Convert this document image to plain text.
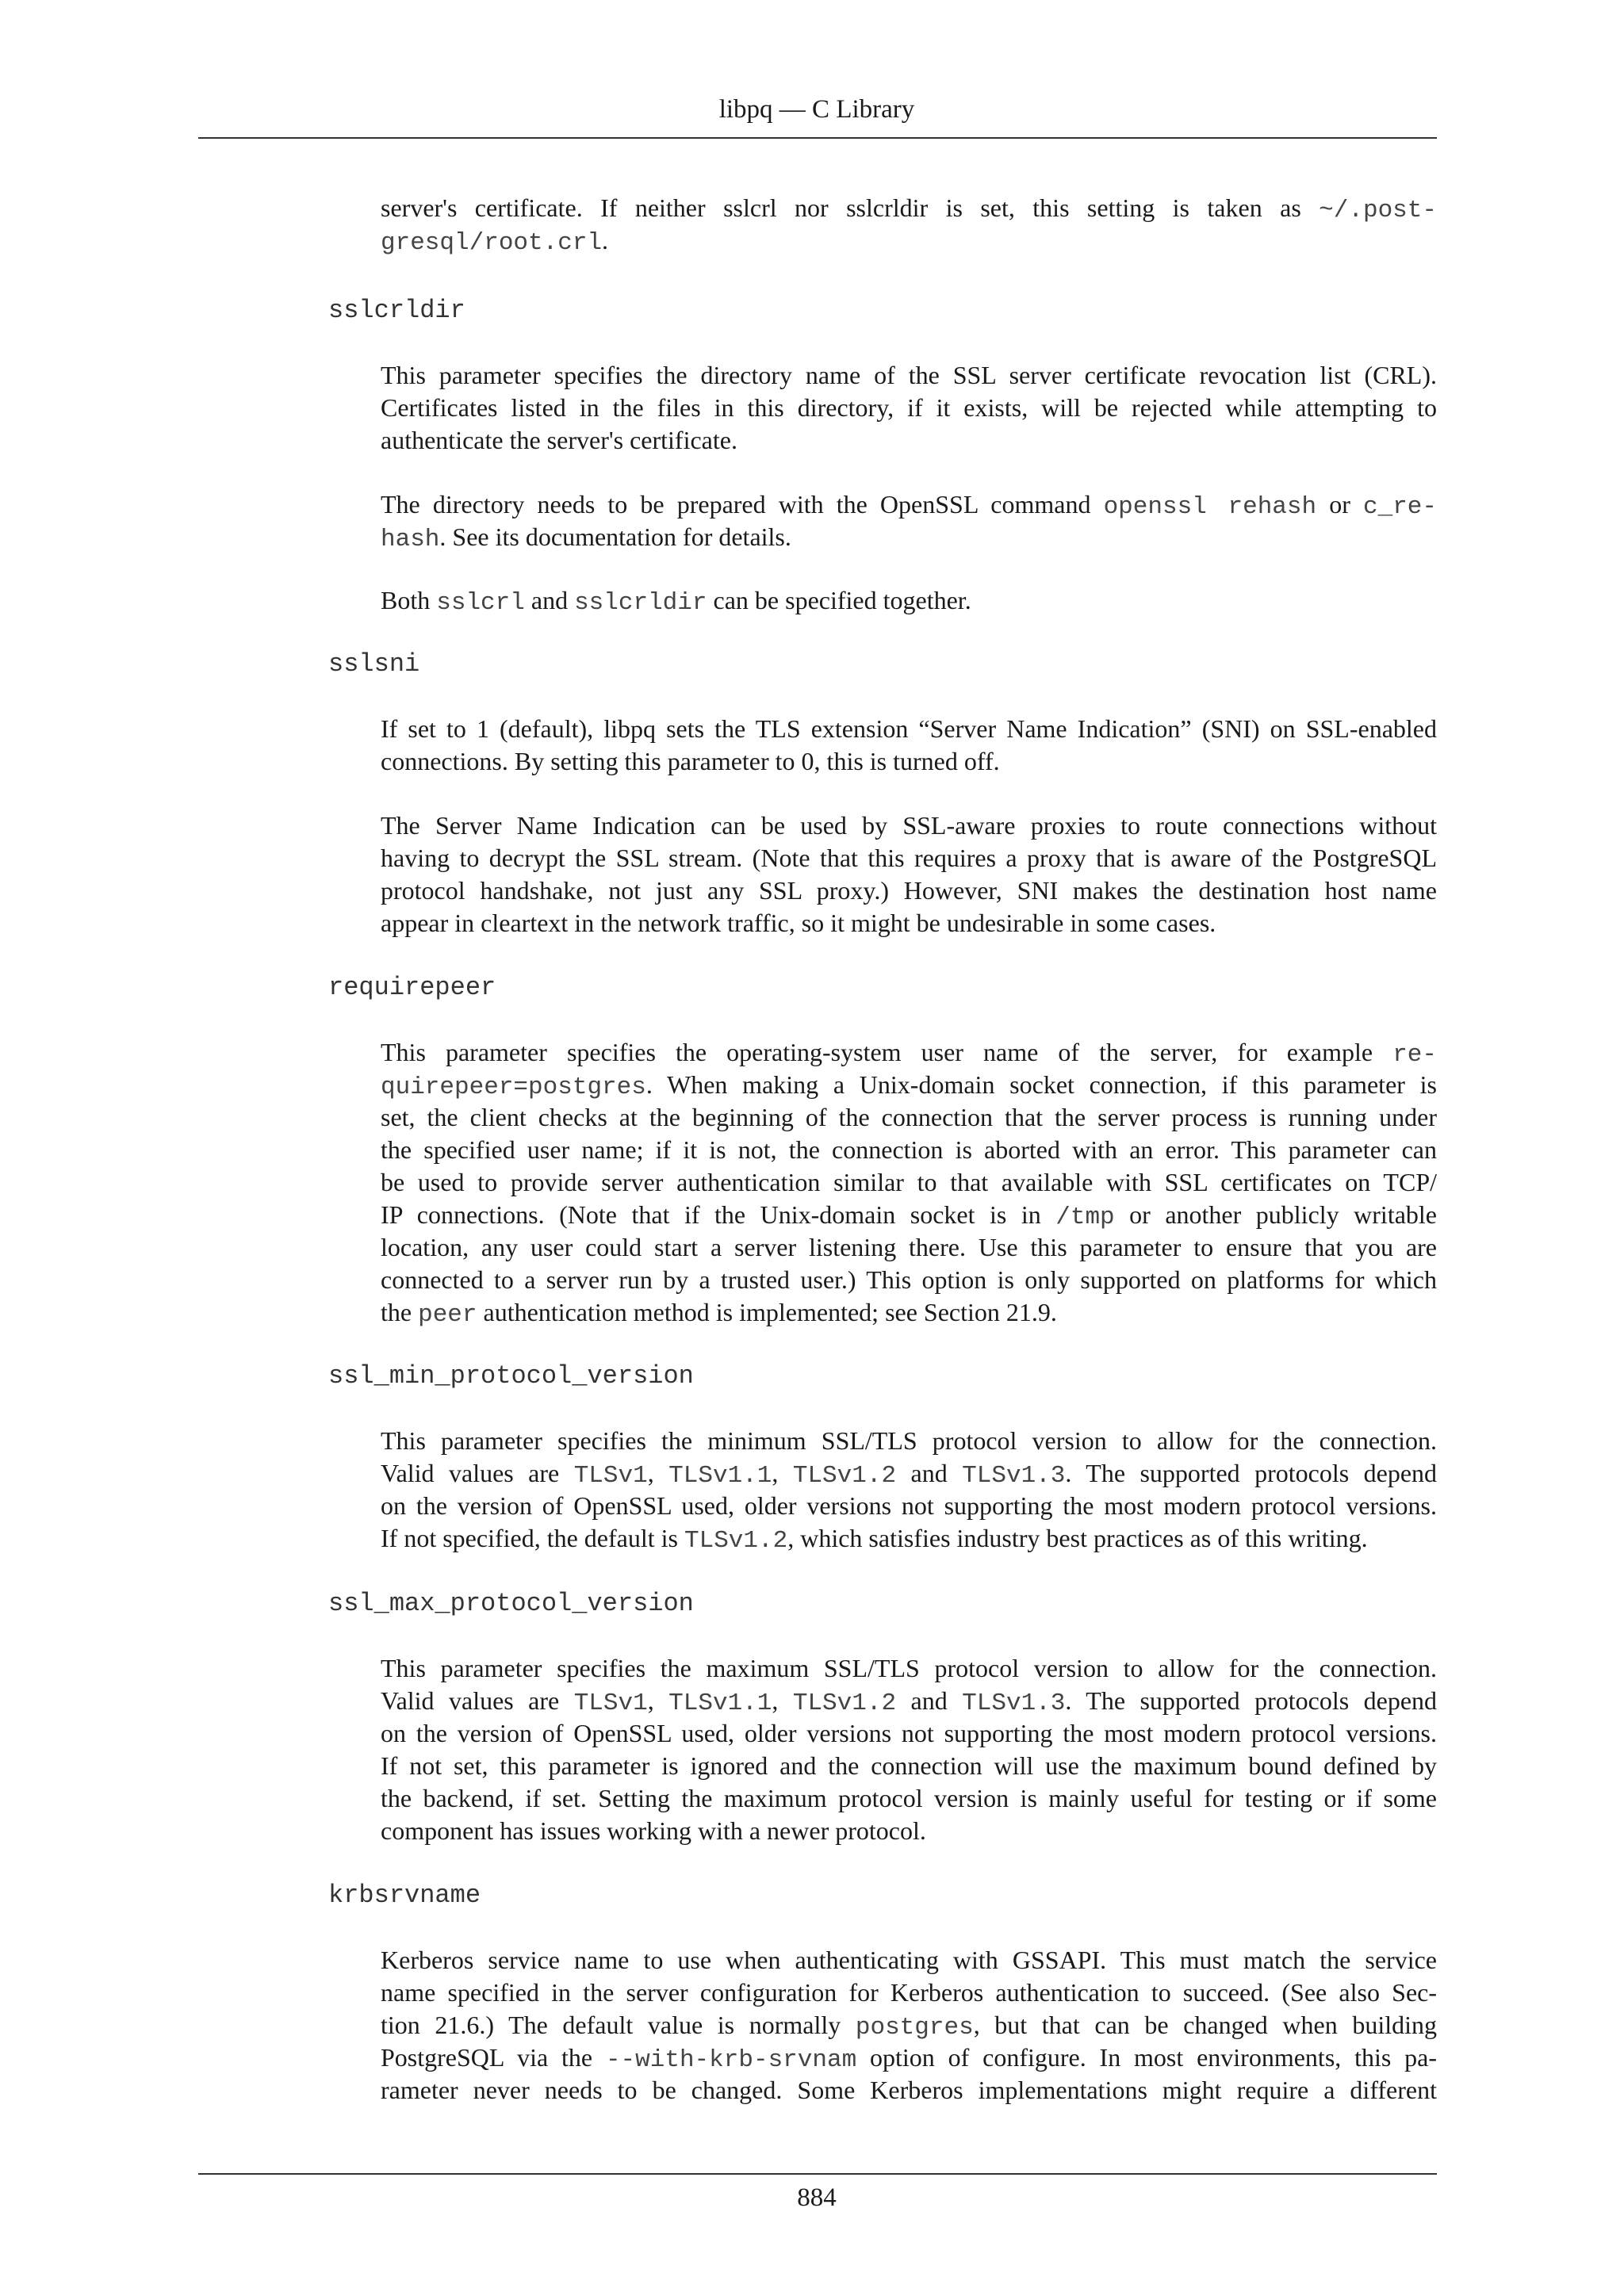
libpq — C Library
server's certificate. If neither sslcrl nor sslcrldir is set, this setting is taken as ~/.post-
gresql/root.crl.
sslcrldir
This parameter specifies the directory name of the SSL server certificate revocation list (CRL).
Certificates listed in the files in this directory, if it exists, will be rejected while attempting to
authenticate the server's certificate.
The directory needs to be prepared with the OpenSSL command openssl rehash or c_re-
hash. See its documentation for details.
Both sslcrl and sslcrldir can be specified together.
sslsni
If set to 1 (default), libpq sets the TLS extension “Server Name Indication” (SNI) on SSL-enabled
connections. By setting this parameter to 0, this is turned off.
The Server Name Indication can be used by SSL-aware proxies to route connections without
having to decrypt the SSL stream. (Note that this requires a proxy that is aware of the PostgreSQL
protocol handshake, not just any SSL proxy.) However, SNI makes the destination host name
appear in cleartext in the network traffic, so it might be undesirable in some cases.
requirepeer
This parameter specifies the operating-system user name of the server, for example re-
quirepeer=postgres. When making a Unix-domain socket connection, if this parameter is
set, the client checks at the beginning of the connection that the server process is running under
the specified user name; if it is not, the connection is aborted with an error. This parameter can
be used to provide server authentication similar to that available with SSL certificates on TCP/
IP connections. (Note that if the Unix-domain socket is in /tmp or another publicly writable
location, any user could start a server listening there. Use this parameter to ensure that you are
connected to a server run by a trusted user.) This option is only supported on platforms for which
the peer authentication method is implemented; see Section 21.9.
ssl_min_protocol_version
This parameter specifies the minimum SSL/TLS protocol version to allow for the connection.
Valid values are TLSv1, TLSv1.1, TLSv1.2 and TLSv1.3. The supported protocols depend
on the version of OpenSSL used, older versions not supporting the most modern protocol versions.
If not specified, the default is TLSv1.2, which satisfies industry best practices as of this writing.
ssl_max_protocol_version
This parameter specifies the maximum SSL/TLS protocol version to allow for the connection.
Valid values are TLSv1, TLSv1.1, TLSv1.2 and TLSv1.3. The supported protocols depend
on the version of OpenSSL used, older versions not supporting the most modern protocol versions.
If not set, this parameter is ignored and the connection will use the maximum bound defined by
the backend, if set. Setting the maximum protocol version is mainly useful for testing or if some
component has issues working with a newer protocol.
krbsrvname
Kerberos service name to use when authenticating with GSSAPI. This must match the service
name specified in the server configuration for Kerberos authentication to succeed. (See also Sec-
tion 21.6.) The default value is normally postgres, but that can be changed when building
PostgreSQL via the --with-krb-srvnam option of configure. In most environments, this pa-
rameter never needs to be changed. Some Kerberos implementations might require a different
884
